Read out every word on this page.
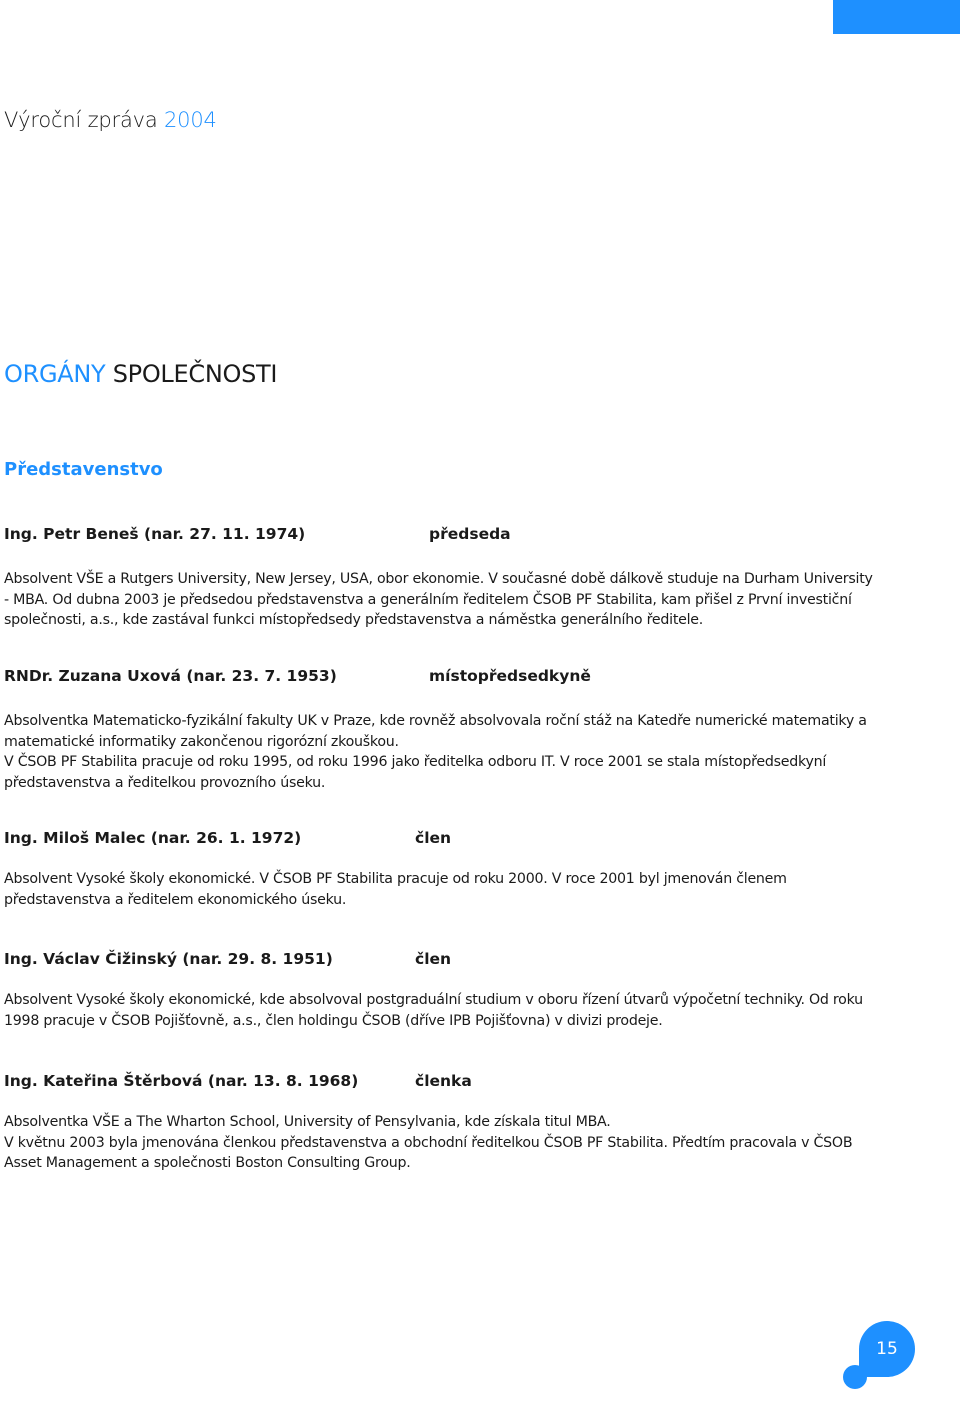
Výroční zpráva 2004
ORGÁNY SPOLEČNOSTI
Představenstvo
Ing. Petr Beneš (nar. 27. 11. 1974)	předseda

Absolvent VŠE a Rutgers University, New Jersey, USA, obor ekonomie. V současné době dálkově studuje na Durham University - MBA. Od dubna 2003 je předsedou představenstva a generálním ředitelem ČSOB PF Stabilita, kam přišel z První investiční společnosti, a.s., kde zastával funkci místopředsedy představenstva a náměstka generálního ředitele.

RNDr. Zuzana Uxová (nar. 23. 7. 1953)	místopředsedkyně

Absolventka Matematicko-fyzikální fakulty UK v Praze, kde rovněž absolvovala roční stáž na Katedře numerické matematiky a matematické informatiky zakončenou rigorózní zkouškou.

V ČSOB PF Stabilita pracuje od roku 1995, od roku 1996 jako ředitelka odboru IT. V roce 2001 se stala místopředsedkyní představenstva a ředitelkou provozního úseku.

Ing. Miloš Malec (nar. 26. 1. 1972)	člen

Absolvent Vysoké školy ekonomické. V ČSOB PF Stabilita pracuje od roku 2000. V roce 2001 byl jmenován členem představenstva a ředitelem ekonomického úseku.

Ing. Václav Čižinský (nar. 29. 8. 1951)	člen

Absolvent Vysoké školy ekonomické, kde absolvoval postgraduální studium v oboru řízení útvarů výpočetní techniky. Od roku 1998 pracuje v ČSOB Pojišťovně, a.s., člen holdingu ČSOB (dříve IPB Pojišťovna) v divizi prodeje.

Ing. Kateřina Štěrbová (nar. 13. 8. 1968)	členka

Absolventka VŠE a The Wharton School, University of Pensylvania, kde získala titul MBA.

V květnu 2003 byla jmenována členkou představenstva a obchodní ředitelkou ČSOB PF Stabilita. Předtím pracovala v ČSOB Asset Management a společnosti Boston Consulting Group.

15
